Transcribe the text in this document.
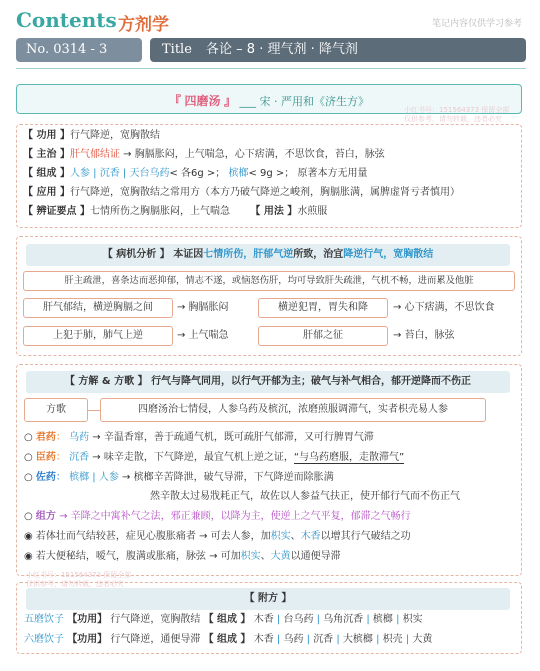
Contents 方剂学	笔记内容仅供学习参考
No. 0314 - 3	Title 各论 – 8 · 理气剂 · 降气剂
『 四磨汤 』 ___ 宋 · 严用和《济生方》
小红书号：151564373 保留全部
仅供参考，请勿转载，违者必究
【 功用 】行气降逆，宽胸散结
【 主治 】肝气郁结证 → 胸膈胀闷，上气喘急，心下痞满，不思饮食，苔白，脉弦
【 组成 】人参 | 沉香 | 天台乌药< 各6g >； 槟榔< 9g >； 原著本方无用量
【 应用 】行气降逆，宽胸散结之常用方（本方乃破气降逆之峻剂，胸膈胀满，属脾虚肾亏者慎用）
【 辨证要点 】七情所伤之胸膈胀闷，上气喘急 【 用法 】水煎服
【 病机分析 】 本证因七情所伤，肝郁气逆所致，治宜降逆行气，宽胸散结
肝主疏泄，喜条达而恶抑郁，情志不遂，或恼怒伤肝，均可导致肝失疏泄，气机不畅，进而累及他脏
肝气郁结，横逆胸膈之间	→ 胸膈胀闷	横逆犯胃，胃失和降	→ 心下痞满，不思饮食
上犯于肺，肺气上逆	→ 上气喘急	肝郁之征	→ 苔白，脉弦
【 方解 & 方歌 】 行气与降气同用，以行气开郁为主；破气与补气相合，郁开逆降而不伤正
方歌	四磨汤治七情侵，人参乌药及槟沉，浓磨煎服调滞气，实者枳壳易人参
○ 君药： 乌药 → 辛温香窜，善于疏通气机，既可疏肝气郁滞，又可行脾胃气滞
○ 臣药： 沉香 → 味辛走散，下气降逆，最宜气机上逆之证，“与乌药磨服，走散滞气”
○ 佐药： 槟榔 | 人参 → 槟榔辛苦降泄，破气导滞，下气降逆而除胀满
然辛散太过易戕耗正气，故佐以人参益气扶正，使开郁行气而不伤正气
○ 组方 → 辛降之中寓补气之法，邪正兼顾，以降为主，使逆上之气平复，郁滞之气畅行
◉ 若体壮而气结较甚，症见心腹胀痛者 → 可去人参，加枳实、木香以增其行气破结之功
◉ 若大便秘结，嗳气，腹满或胀痛，脉弦 → 可加枳实、大黄以通便导滞
小红书号：151564373 保留全部
仅供参考，请勿转载，违者必究
【 附方 】
五磨饮子 【功用】 行气降逆，宽胸散结 【 组成 】 木香 | 台乌药 | 乌角沉香 | 槟榔 | 枳实
六磨饮子 【功用】 行气降逆，通便导滞 【 组成 】 木香 | 乌药 | 沉香 | 大槟榔 | 枳壳 | 大黄
